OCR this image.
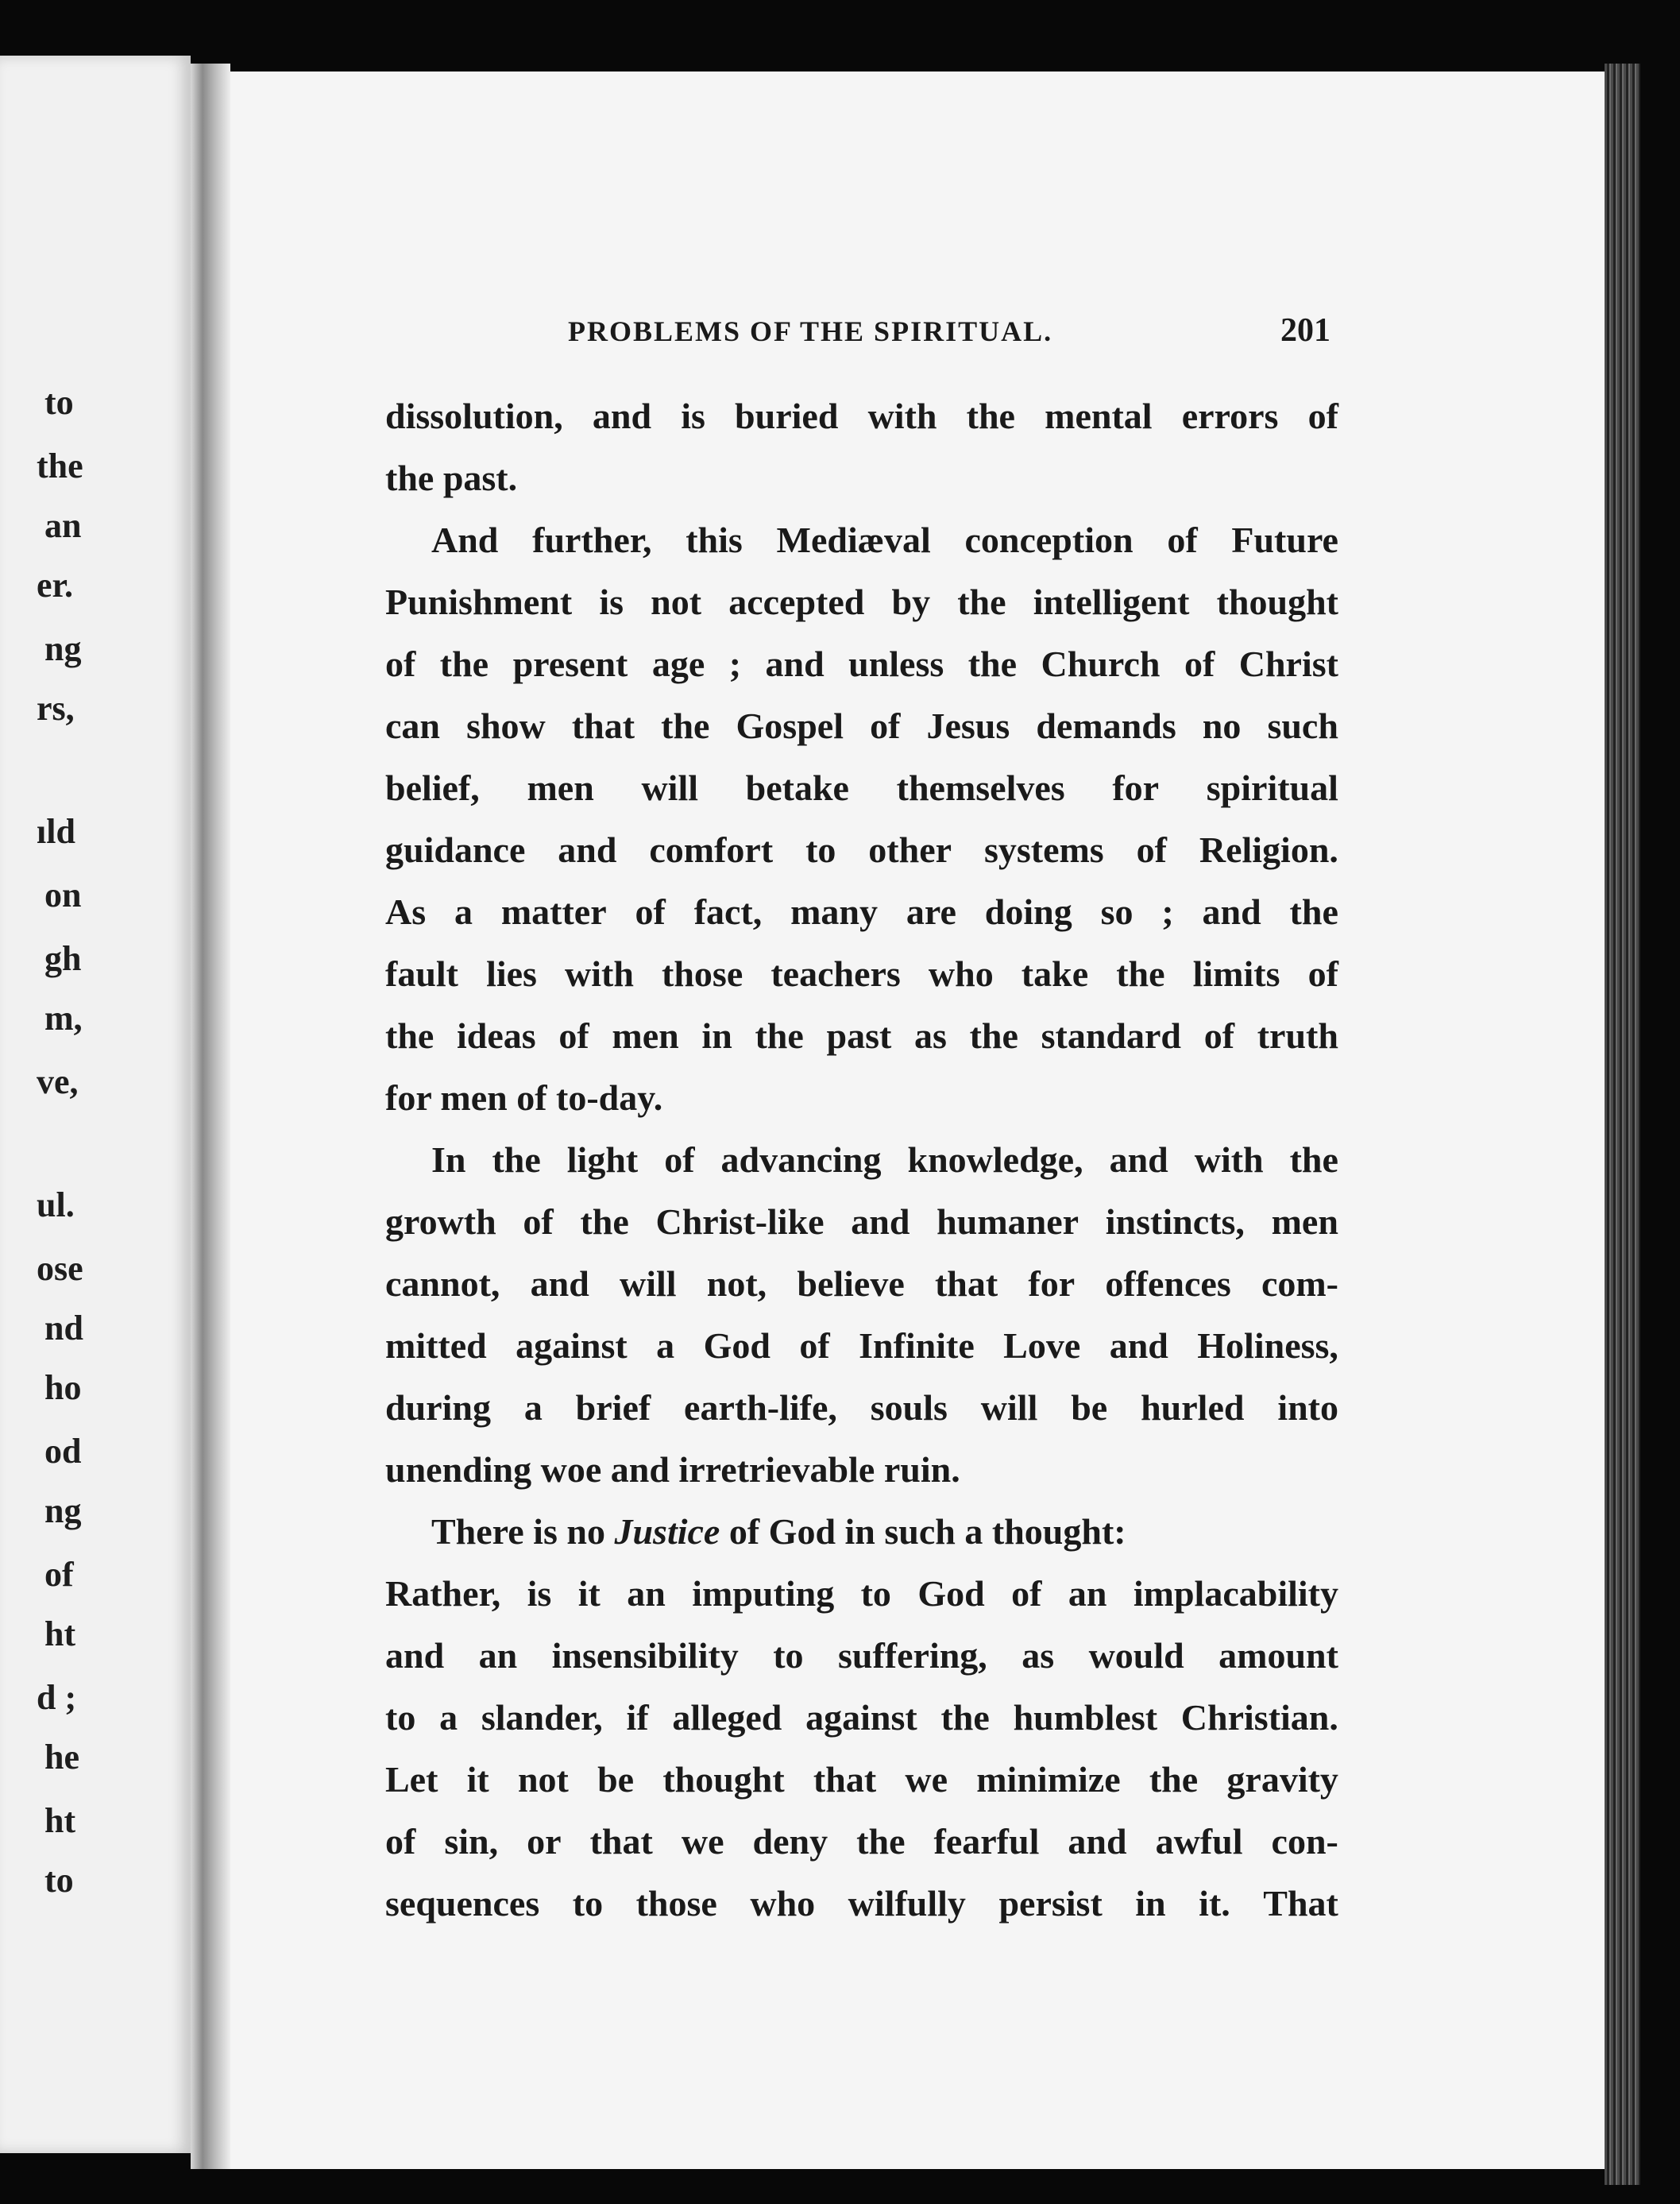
to
the
an
er.
ng
rs,
ıld
on
gh
m,
ve,
ul.
ose
nd
ho
od
ng
of
ht
d ;
he
ht
to
PROBLEMS OF THE SPIRITUAL.	201
dissolution, and is buried with the mental errors of
the past.
And further, this Mediæval conception of Future
Punishment is not accepted by the intelligent thought
of the present age ; and unless the Church of Christ
can show that the Gospel of Jesus demands no such
belief, men will betake themselves for spiritual
guidance and comfort to other systems of Religion.
As a matter of fact, many are doing so ; and the
fault lies with those teachers who take the limits of
the ideas of men in the past as the standard of truth
for men of to-day.
In the light of advancing knowledge, and with the
growth of the Christ-like and humaner instincts, men
cannot, and will not, believe that for offences com-
mitted against a God of Infinite Love and Holiness,
during a brief earth-life, souls will be hurled into
unending woe and irretrievable ruin.
There is no
Justice
of God in such a thought:
Rather, is it an imputing to God of an implacability
and an insensibility to suffering, as would amount
to a slander, if alleged against the humblest Christian.
Let it not be thought that we minimize the gravity
of sin, or that we deny the fearful and awful con-
sequences to those who wilfully persist in it. That
